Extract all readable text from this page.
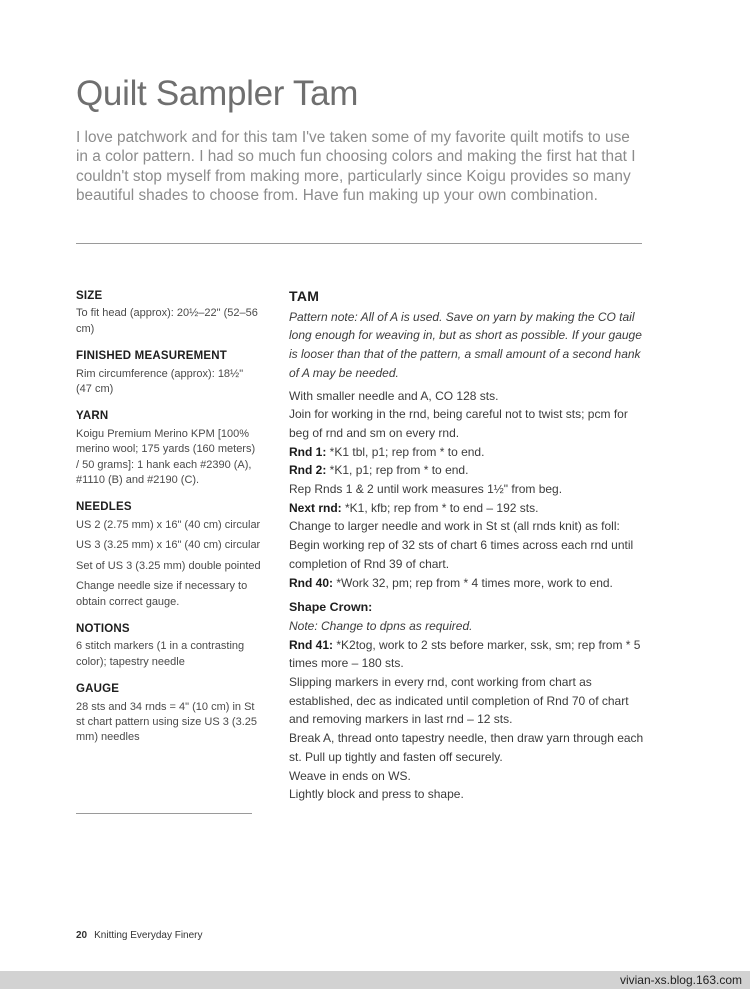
Quilt Sampler Tam

I love patchwork and for this tam I've taken some of my favorite quilt motifs to use in a color pattern. I had so much fun choosing colors and making the first hat that I couldn't stop myself from making more, particularly since Koigu provides so many beautiful shades to choose from. Have fun making up your own combination.

SIZE

To fit head (approx): 20½–22" (52–56 cm)

FINISHED MEASUREMENT

Rim circumference (approx): 18½" (47 cm)

YARN

Koigu Premium Merino KPM [100% merino wool; 175 yards (160 meters) / 50 grams]: 1 hank each #2390 (A), #1110 (B) and #2190 (C).

NEEDLES

US 2 (2.75 mm) x 16" (40 cm) circular

US 3 (3.25 mm) x 16" (40 cm) circular

Set of US 3 (3.25 mm) double pointed

Change needle size if necessary to obtain correct gauge.

NOTIONS

6 stitch markers (1 in a contrasting color); tapestry needle

GAUGE

28 sts and 34 rnds = 4" (10 cm) in St st chart pattern using size US 3 (3.25 mm) needles

TAM

Pattern note: All of A is used. Save on yarn by making the CO tail long enough for weaving in, but as short as possible. If your gauge is looser than that of the pattern, a small amount of a second hank of A may be needed.

With smaller needle and A, CO 128 sts.

Join for working in the rnd, being careful not to twist sts; pcm for beg of rnd and sm on every rnd.

Rnd 1: *K1 tbl, p1; rep from * to end.

Rnd 2: *K1, p1; rep from * to end.

Rep Rnds 1 & 2 until work measures 1½" from beg.

Next rnd: *K1, kfb; rep from * to end – 192 sts.

Change to larger needle and work in St st (all rnds knit) as foll: Begin working rep of 32 sts of chart 6 times across each rnd until completion of Rnd 39 of chart.

Rnd 40: *Work 32, pm; rep from * 4 times more, work to end.

Shape Crown:

Note: Change to dpns as required.

Rnd 41: *K2tog, work to 2 sts before marker, ssk, sm; rep from * 5 times more – 180 sts.

Slipping markers in every rnd, cont working from chart as established, dec as indicated until completion of Rnd 70 of chart and removing markers in last rnd – 12 sts.

Break A, thread onto tapestry needle, then draw yarn through each st. Pull up tightly and fasten off securely.

Weave in ends on WS.

Lightly block and press to shape.

20 Knitting Everyday Finery
vivian-xs.blog.163.com
